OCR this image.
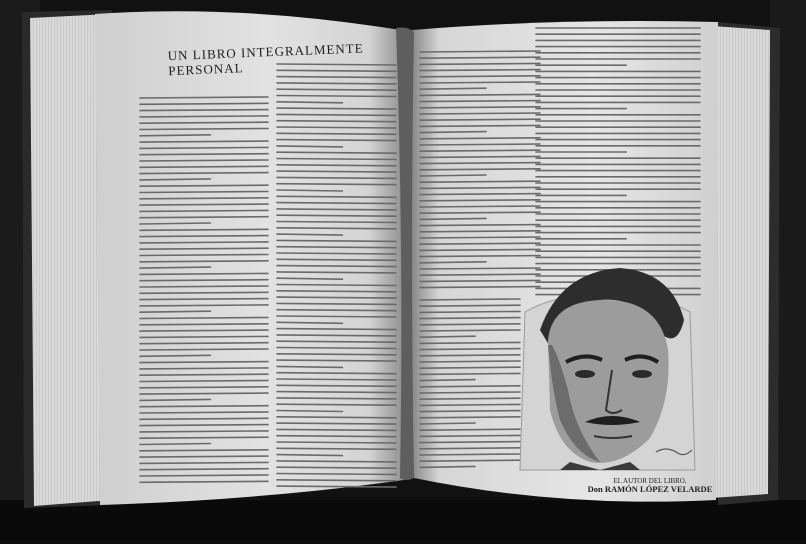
UN LIBRO INTEGRALMENTE PERSONAL
EL AUTOR DEL LIBRO,
Don RAMÓN LÓPEZ VELARDE
